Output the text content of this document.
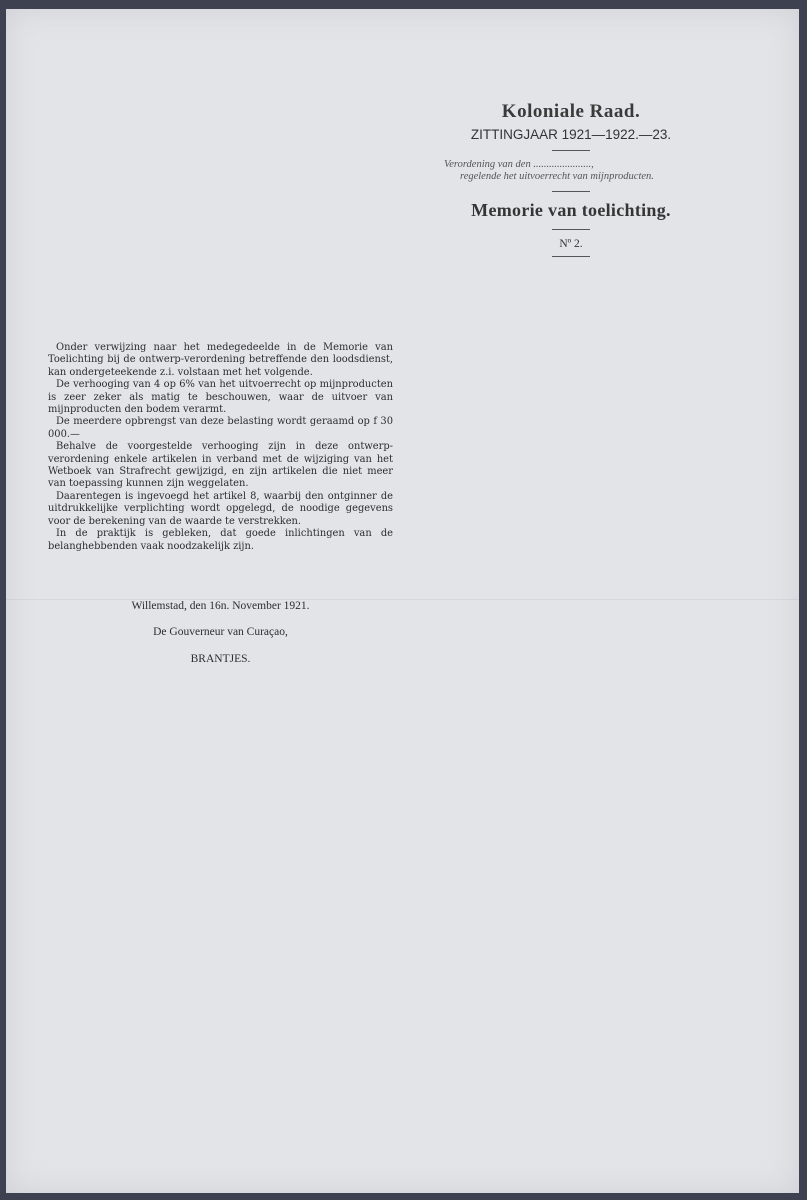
Koloniale Raad.
ZITTINGJAAR 1921—1922.—23.
Verordening van den ......................,
regelende het uitvoerrecht van mijnproducten.
Memorie van toelichting.
Nº 2.

Onder verwijzing naar het medegedeelde in de Memorie van Toelichting bij de ontwerp-verordening betreffende den loodsdienst, kan ondergeteekende z.i. volstaan met het volgende.

De verhooging van 4 op 6% van het uitvoerrecht op mijnproducten is zeer zeker als matig te beschouwen, waar de uitvoer van mijnproducten den bodem verarmt.

De meerdere opbrengst van deze belasting wordt geraamd op f 30 000.—

Behalve de voorgestelde verhooging zijn in deze ontwerp-verordening enkele artikelen in verband met de wijziging van het Wetboek van Strafrecht gewijzigd, en zijn artikelen die niet meer van toepassing kunnen zijn weggelaten.

Daarentegen is ingevoegd het artikel 8, waarbij den ontginner de uitdrukkelijke verplichting wordt opgelegd, de noodige gegevens voor de berekening van de waarde te verstrekken.

In de praktijk is gebleken, dat goede inlichtingen van de belanghebbenden vaak noodzakelijk zijn.

Willemstad, den 16n. November 1921.
De Gouverneur van Curaçao,
BRANTJES.
